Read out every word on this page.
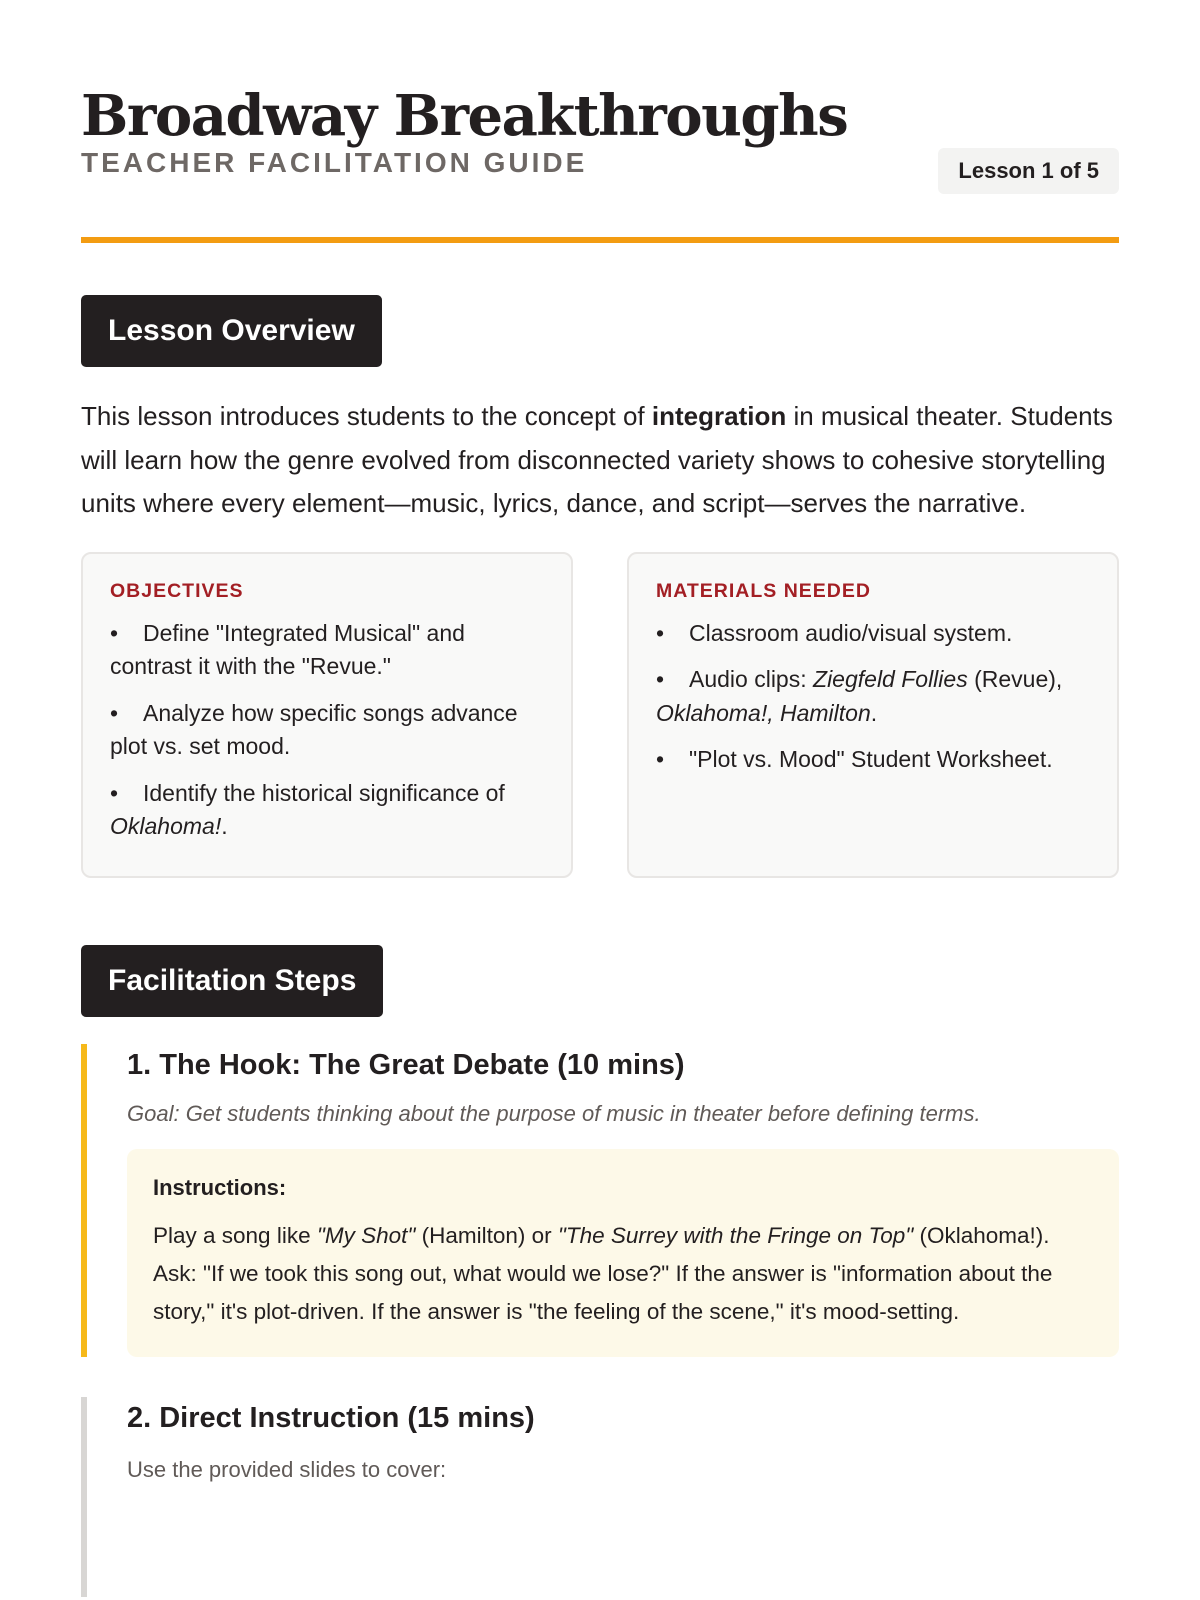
Broadway Breakthroughs
TEACHER FACILITATION GUIDE	Lesson 1 of 5
Lesson Overview

This lesson introduces students to the concept of integration in musical theater. Students will learn how the genre evolved from disconnected variety shows to cohesive storytelling units where every element—music, lyrics, dance, and script—serves the narrative.

OBJECTIVES
• Define "Integrated Musical" and contrast it with the "Revue."
• Analyze how specific songs advance plot vs. set mood.
• Identify the historical significance of Oklahoma!.
MATERIALS NEEDED
• Classroom audio/visual system.
• Audio clips: Ziegfeld Follies (Revue), Oklahoma!, Hamilton.
• "Plot vs. Mood" Student Worksheet.
Facilitation Steps
1. The Hook: The Great Debate (10 mins)
Goal: Get students thinking about the purpose of music in theater before defining terms.
Instructions:
Play a song like "My Shot" (Hamilton) or "The Surrey with the Fringe on Top" (Oklahoma!). Ask: "If we took this song out, what would we lose?" If the answer is "information about the story," it's plot-driven. If the answer is "the feeling of the scene," it's mood-setting.
2. Direct Instruction (15 mins)
Use the provided slides to cover:
